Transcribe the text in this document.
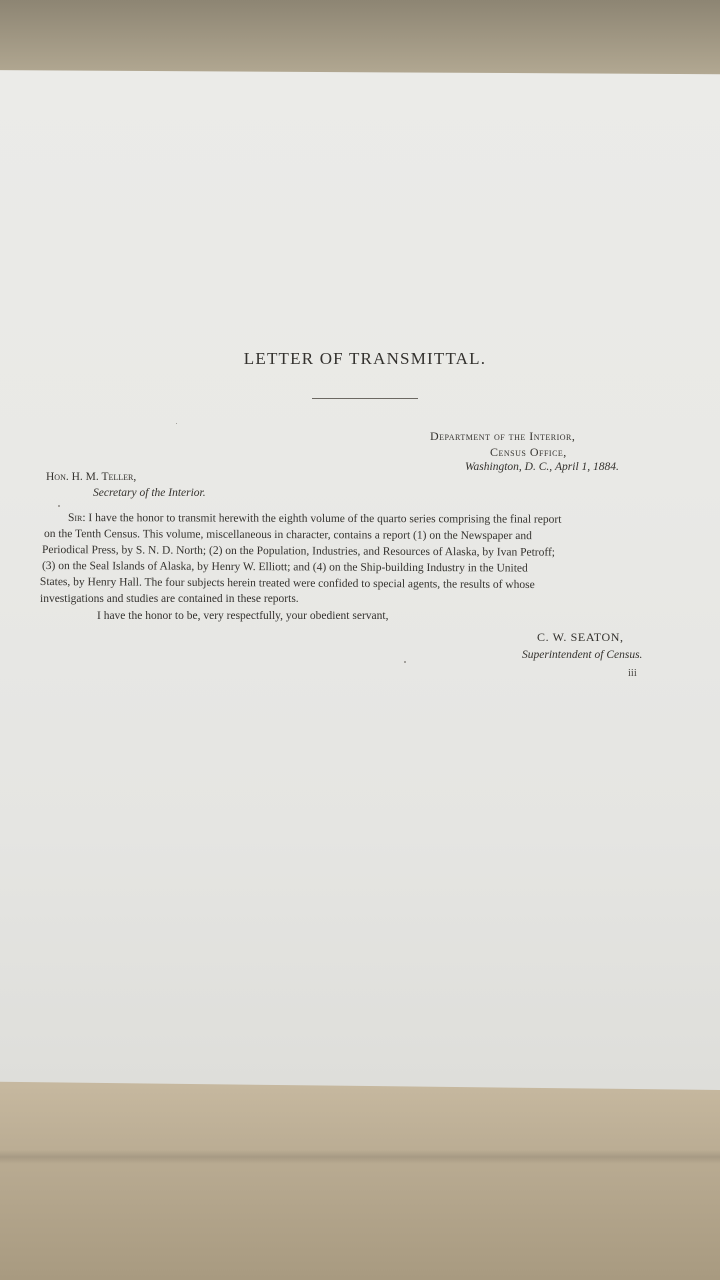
LETTER OF TRANSMITTAL.
Department of the Interior,
Census Office,
Washington, D. C., April 1, 1884.
Hon. H. M. Teller,
Secretary of the Interior.
Sir: I have the honor to transmit herewith the eighth volume of the quarto series comprising the final report
on the Tenth Census. This volume, miscellaneous in character, contains a report (1) on the Newspaper and
Periodical Press, by S. N. D. North; (2) on the Population, Industries, and Resources of Alaska, by Ivan Petroff;
(3) on the Seal Islands of Alaska, by Henry W. Elliott; and (4) on the Ship-building Industry in the United
States, by Henry Hall. The four subjects herein treated were confided to special agents, the results of whose
investigations and studies are contained in these reports.
I have the honor to be, very respectfully, your obedient servant,
C. W. SEATON,
Superintendent of Census.
iii
